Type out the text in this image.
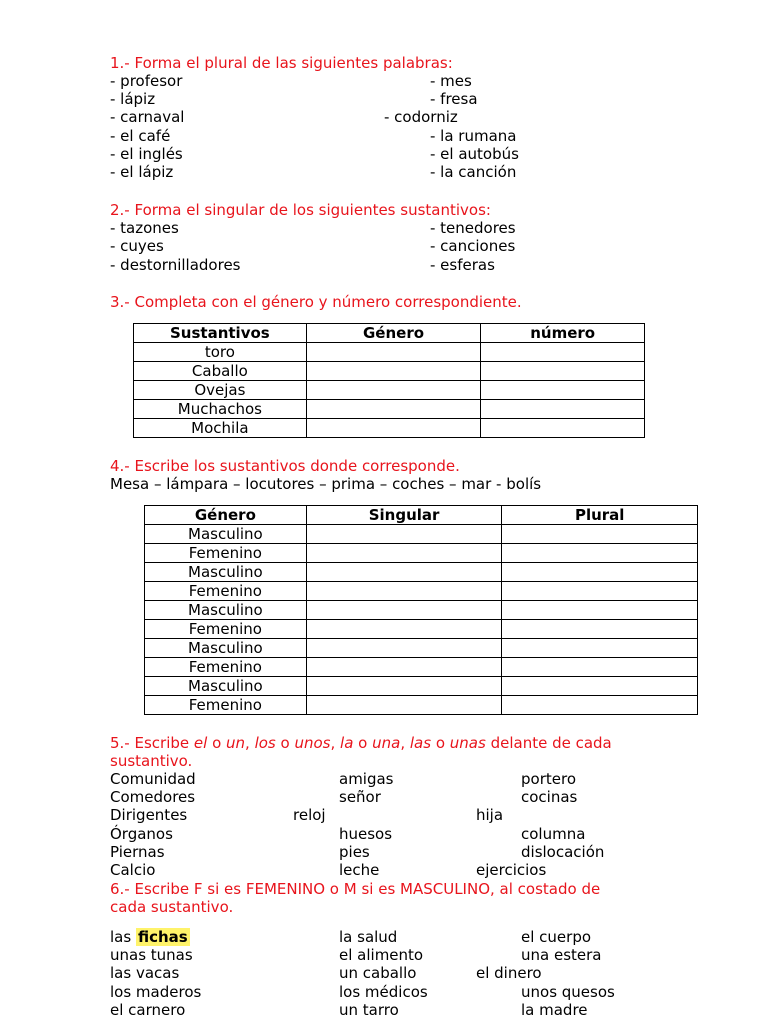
1.- Forma el plural de las siguientes palabras:
- profesor	- mes
- lápiz	- fresa
- carnaval	- codorniz
- el café	- la rumana
- el inglés	- el autobús
- el lápiz	- la canción
2.- Forma el singular de los siguientes sustantivos:
- tazones	- tenedores
- cuyes	- canciones
- destornilladores	- esferas
3.- Completa con el género y número correspondiente.
Sustantivos	Género	número
toro		
Caballo		
Ovejas		
Muchachos		
Mochila		
4.- Escribe los sustantivos donde corresponde.
Mesa – lámpara – locutores – prima – coches – mar - bolís
Género	Singular	Plural
Masculino		
Femenino		
Masculino		
Femenino		
Masculino		
Femenino		
Masculino		
Femenino		
Masculino		
Femenino		
5.- Escribe el o un, los o unos, la o una, las o unas delante de cada
sustantivo.
Comunidad	amigas	portero
Comedores	señor	cocinas
Dirigentes	reloj	hija
Órganos	huesos	columna
Piernas	pies	dislocación
Calcio	leche	ejercicios
6.- Escribe F si es FEMENINO o M si es MASCULINO, al costado de
cada sustantivo.
las fichas	la salud	el cuerpo
unas tunas	el alimento	una estera
las vacas	un caballo	el dinero
los maderos	los médicos	unos quesos
el carnero	un tarro	la madre
